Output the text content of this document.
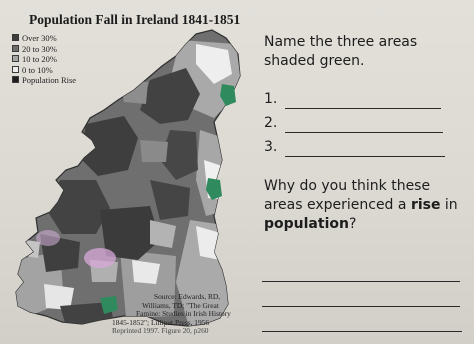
Population Fall in Ireland 1841-1851
Over 30%
20 to 30%
10 to 20%
0 to 10%
Population Rise
Source: Edwards, RD,
Williams, TD; "The Great
Famine: Studies in Irish History
1845-1852"; Lilliput Press, 1956
Reprinted 1997. Figure 20, p260
Name the three areas shaded green.
1.
2.
3.
Why do you think these areas experienced a rise in population?
